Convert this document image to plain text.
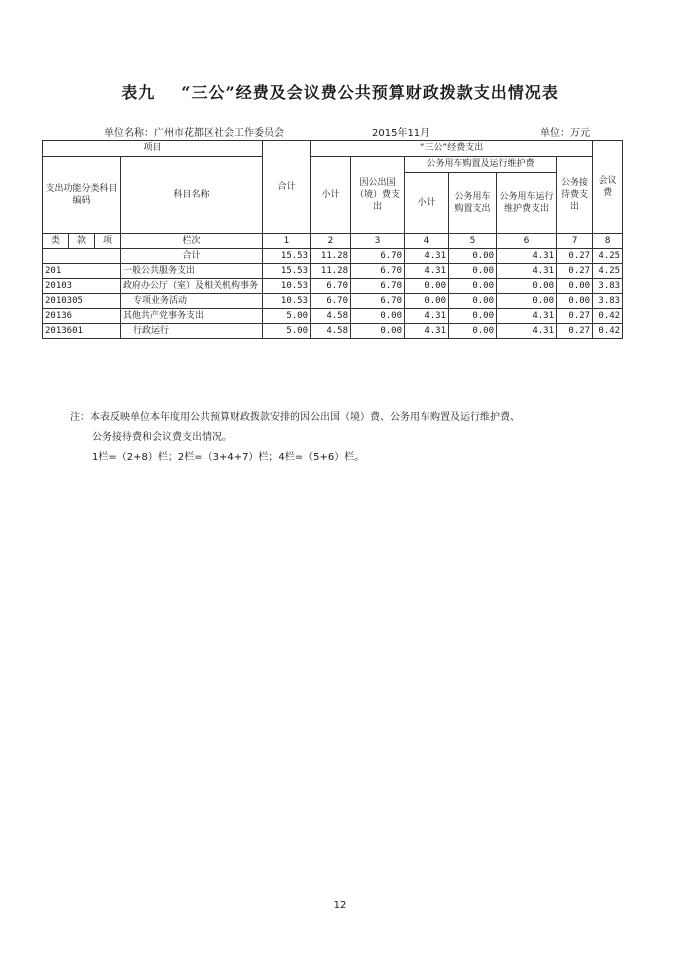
表九 “三公”经费及会议费公共预算财政拨款支出情况表
单位名称：广州市花都区社会工作委员会	2015年11月	单位：万元
项目				合计	“三公”经费支出						会议费
支出功能分类科目编码			科目名称		小计	因公出国（境）费支出	公务用车购置及运行维护费			公务接待费支出	
							小计	公务用车购置支出	公务用车运行维护费支出		
类	款	项	栏次	1	2	3	4	5	6	7	8
			合计	15.53	11.28	6.70	4.31	0.00	4.31	0.27	4.25
201			一般公共服务支出	15.53	11.28	6.70	4.31	0.00	4.31	0.27	4.25
20103			政府办公厅（室）及相关机构事务	10.53	6.70	6.70	0.00	0.00	0.00	0.00	3.83
2010305			专项业务活动	10.53	6.70	6.70	0.00	0.00	0.00	0.00	3.83
20136			其他共产党事务支出	5.00	4.58	0.00	4.31	0.00	4.31	0.27	0.42
2013601			行政运行	5.00	4.58	0.00	4.31	0.00	4.31	0.27	0.42
注：本表反映单位本年度用公共预算财政拨款安排的因公出国（境）费、公务用车购置及运行维护费、
公务接待费和会议费支出情况。
1栏=（2+8）栏；2栏=（3+4+7）栏；4栏=（5+6）栏。
12
